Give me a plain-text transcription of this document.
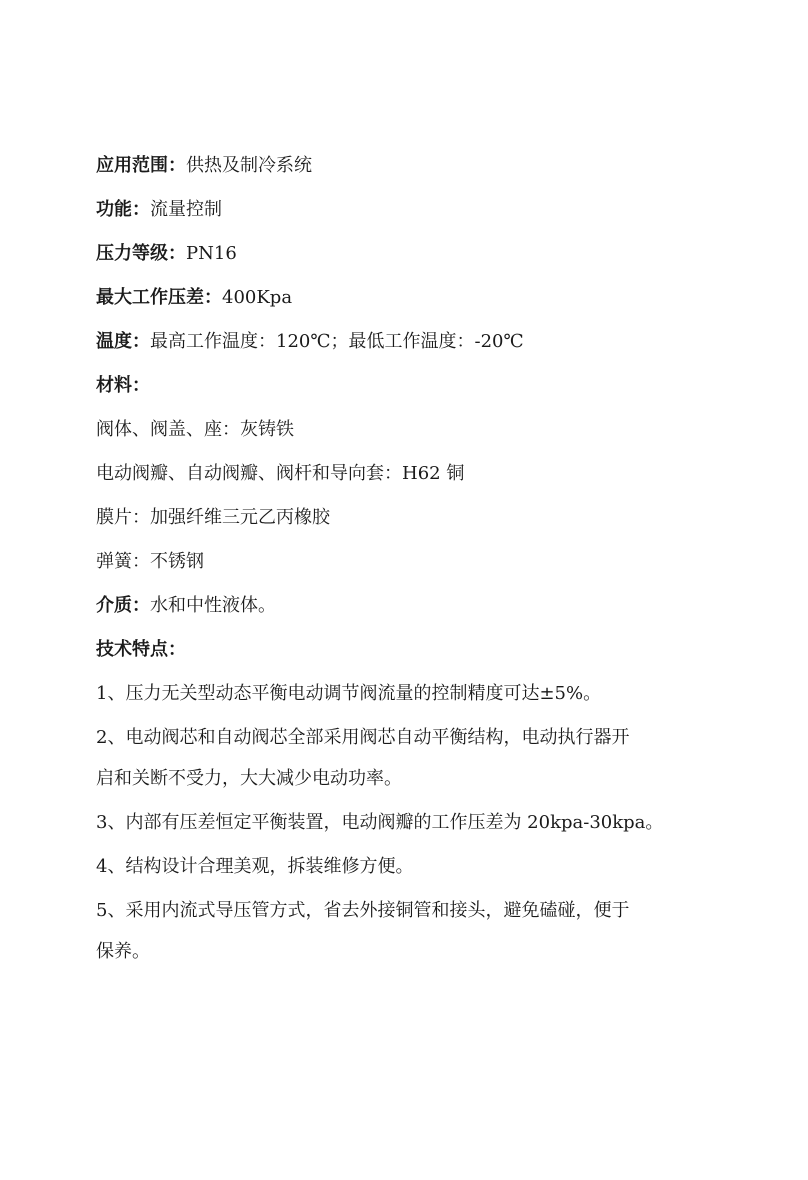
应用范围：供热及制冷系统
功能：流量控制
压力等级：PN16
最大工作压差：400Kpa
温度：最高工作温度：120℃；最低工作温度：-20℃
材料：
阀体、阀盖、座：灰铸铁
电动阀瓣、自动阀瓣、阀杆和导向套：H62 铜
膜片：加强纤维三元乙丙橡胶
弹簧：不锈钢
介质：水和中性液体。
技术特点：
1、压力无关型动态平衡电动调节阀流量的控制精度可达±5%。
2、电动阀芯和自动阀芯全部采用阀芯自动平衡结构，电动执行器开
启和关断不受力，大大减少电动功率。
3、内部有压差恒定平衡装置，电动阀瓣的工作压差为 20kpa-30kpa。
4、结构设计合理美观，拆装维修方便。
5、采用内流式导压管方式，省去外接铜管和接头，避免磕碰，便于
保养。
